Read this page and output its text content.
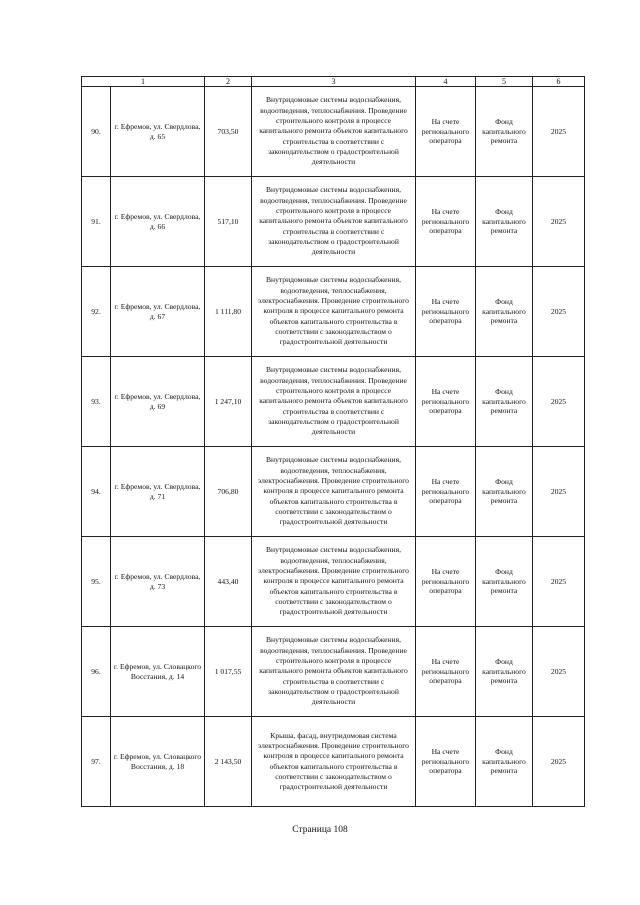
1		2	3	4	5	6
90.	г. Ефремов, ул. Свердлова, д. 65	703,50	Внутридомовые системы водоснабжения, водоотведения, теплоснабжения. Проведение строительного контроля в процессе капитального ремонта объектов капитального строительства в соответствии с законодательством о градостроительной деятельности	На счете регионального оператора	Фонд капитального ремонта	2025
91.	г. Ефремов, ул. Свердлова, д. 66	517,10	Внутридомовые системы водоснабжения, водоотведения, теплоснабжения. Проведение строительного контроля в процессе капитального ремонта объектов капитального строительства в соответствии с законодательством о градостроительной деятельности	На счете регионального оператора	Фонд капитального ремонта	2025
92.	г. Ефремов, ул. Свердлова, д. 67	1 111,80	Внутридомовые системы водоснабжения, водоотведения, теплоснабжения, электроснабжения. Проведение строительного контроля в процессе капитального ремонта объектов капитального строительства в соответствии с законодательством о градостроительной деятельности	На счете регионального оператора	Фонд капитального ремонта	2025
93.	г. Ефремов, ул. Свердлова, д. 69	1 247,10	Внутридомовые системы водоснабжения, водоотведения, теплоснабжения. Проведение строительного контроля в процессе капитального ремонта объектов капитального строительства в соответствии с законодательством о градостроительной деятельности	На счете регионального оператора	Фонд капитального ремонта	2025
94.	г. Ефремов, ул. Свердлова, д. 71	706,80	Внутридомовые системы водоснабжения, водоотведения, теплоснабжения, электроснабжения. Проведение строительного контроля в процессе капитального ремонта объектов капитального строительства в соответствии с законодательством о градостроительной деятельности	На счете регионального оператора	Фонд капитального ремонта	2025
95.	г. Ефремов, ул. Свердлова, д. 73	443,40	Внутридомовые системы водоснабжения, водоотведения, теплоснабжения, электроснабжения. Проведение строительного контроля в процессе капитального ремонта объектов капитального строительства в соответствии с законодательством о градостроительной деятельности	На счете регионального оператора	Фонд капитального ремонта	2025
96.	г. Ефремов, ул. Словацкого Восстания, д. 14	1 017,55	Внутридомовые системы водоснабжения, водоотведения, теплоснабжения. Проведение строительного контроля в процессе капитального ремонта объектов капитального строительства в соответствии с законодательством о градостроительной деятельности	На счете регионального оператора	Фонд капитального ремонта	2025
97.	г. Ефремов, ул. Словацкого Восстания, д. 18	2 143,50	Крыша, фасад, внутридомовая система электроснабжения. Проведение строительного контроля в процессе капитального ремонта объектов капитального строительства в соответствии с законодательством о градостроительной деятельности	На счете регионального оператора	Фонд капитального ремонта	2025
Страница 108
